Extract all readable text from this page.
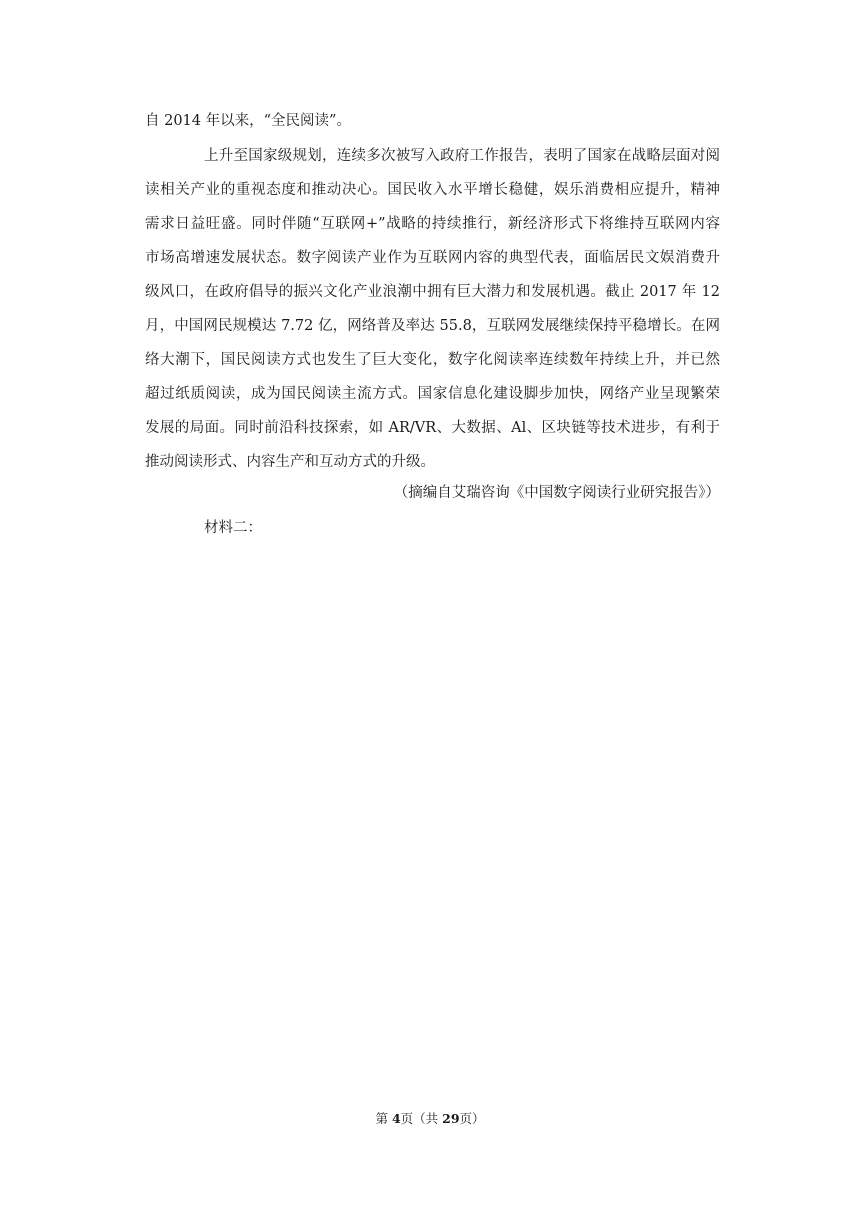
自 2014 年以来，“全民阅读”。
上升至国家级规划，连续多次被写入政府工作报告，表明了国家在战略层面对阅
读相关产业的重视态度和推动决心。国民收入水平增长稳健，娱乐消费相应提升，精神
需求日益旺盛。同时伴随“互联网+”战略的持续推行，新经济形式下将维持互联网内容
市场高增速发展状态。数字阅读产业作为互联网内容的典型代表，面临居民文娱消费升
级风口，在政府倡导的振兴文化产业浪潮中拥有巨大潜力和发展机遇。截止 2017 年 12
月，中国网民规模达 7.72 亿，网络普及率达 55.8，互联网发展继续保持平稳增长。在网
络大潮下，国民阅读方式也发生了巨大变化，数字化阅读率连续数年持续上升，并已然
超过纸质阅读，成为国民阅读主流方式。国家信息化建设脚步加快，网络产业呈现繁荣
发展的局面。同时前沿科技探索，如 AR/VR、大数据、Al、区块链等技术进步，有利于
推动阅读形式、内容生产和互动方式的升级。
（摘编自艾瑞咨询《中国数字阅读行业研究报告》）
材料二：
第 4页（共 29页）
